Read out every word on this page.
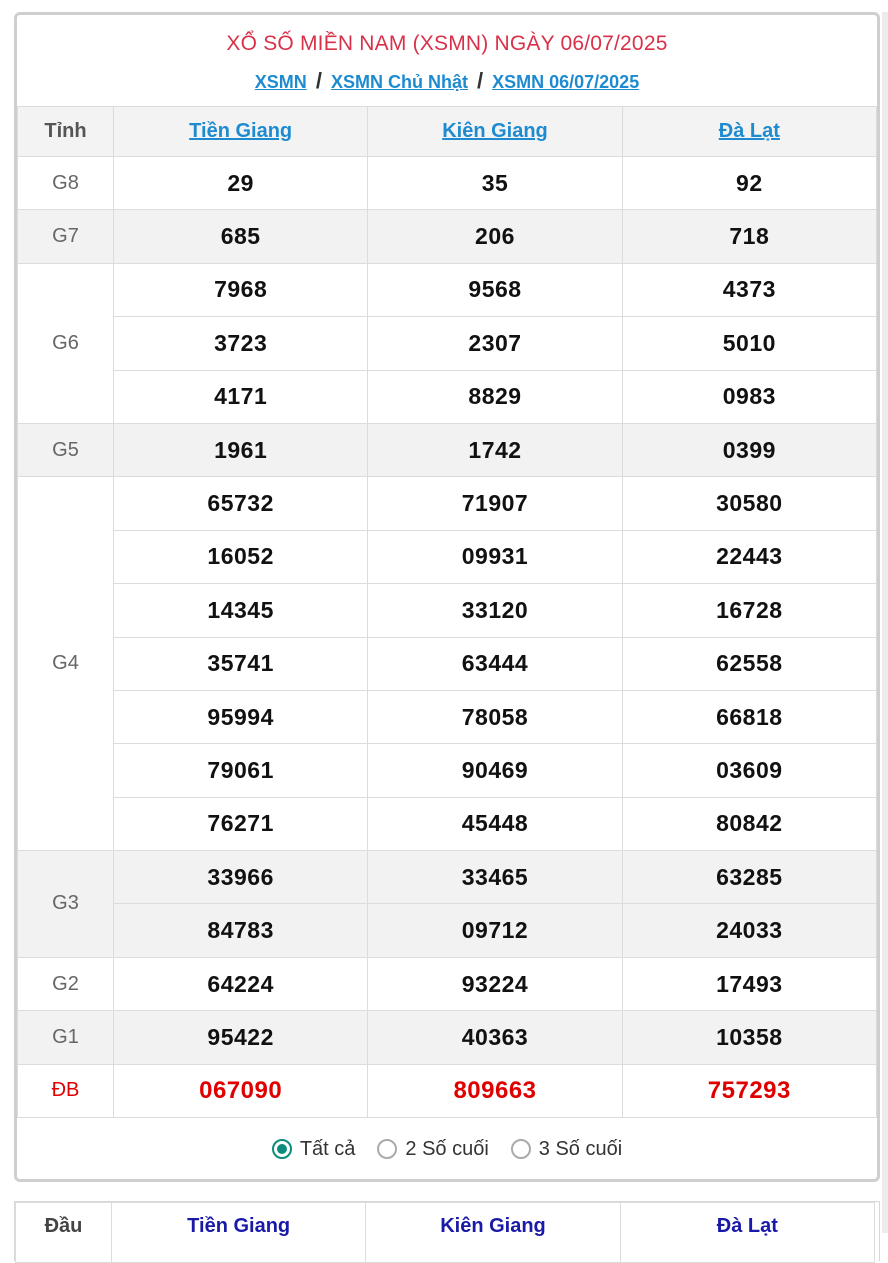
XỔ SỐ MIỀN NAM (XSMN) NGÀY 06/07/2025
XSMN / XSMN Chủ Nhật / XSMN 06/07/2025
Tỉnh	Tiền Giang	Kiên Giang	Đà Lạt
G8	29	35	92
G7	685	206	718
G6	7968	9568	4373
	3723	2307	5010
	4171	8829	0983
G5	1961	1742	0399
G4	65732	71907	30580
	16052	09931	22443
	14345	33120	16728
	35741	63444	62558
	95994	78058	66818
	79061	90469	03609
	76271	45448	80842
G3	33966	33465	63285
	84783	09712	24033
G2	64224	93224	17493
G1	95422	40363	10358
ĐB	067090	809663	757293
Tất cả	2 Số cuối	3 Số cuối
Đầu	Tiền Giang	Kiên Giang	Đà Lạt
